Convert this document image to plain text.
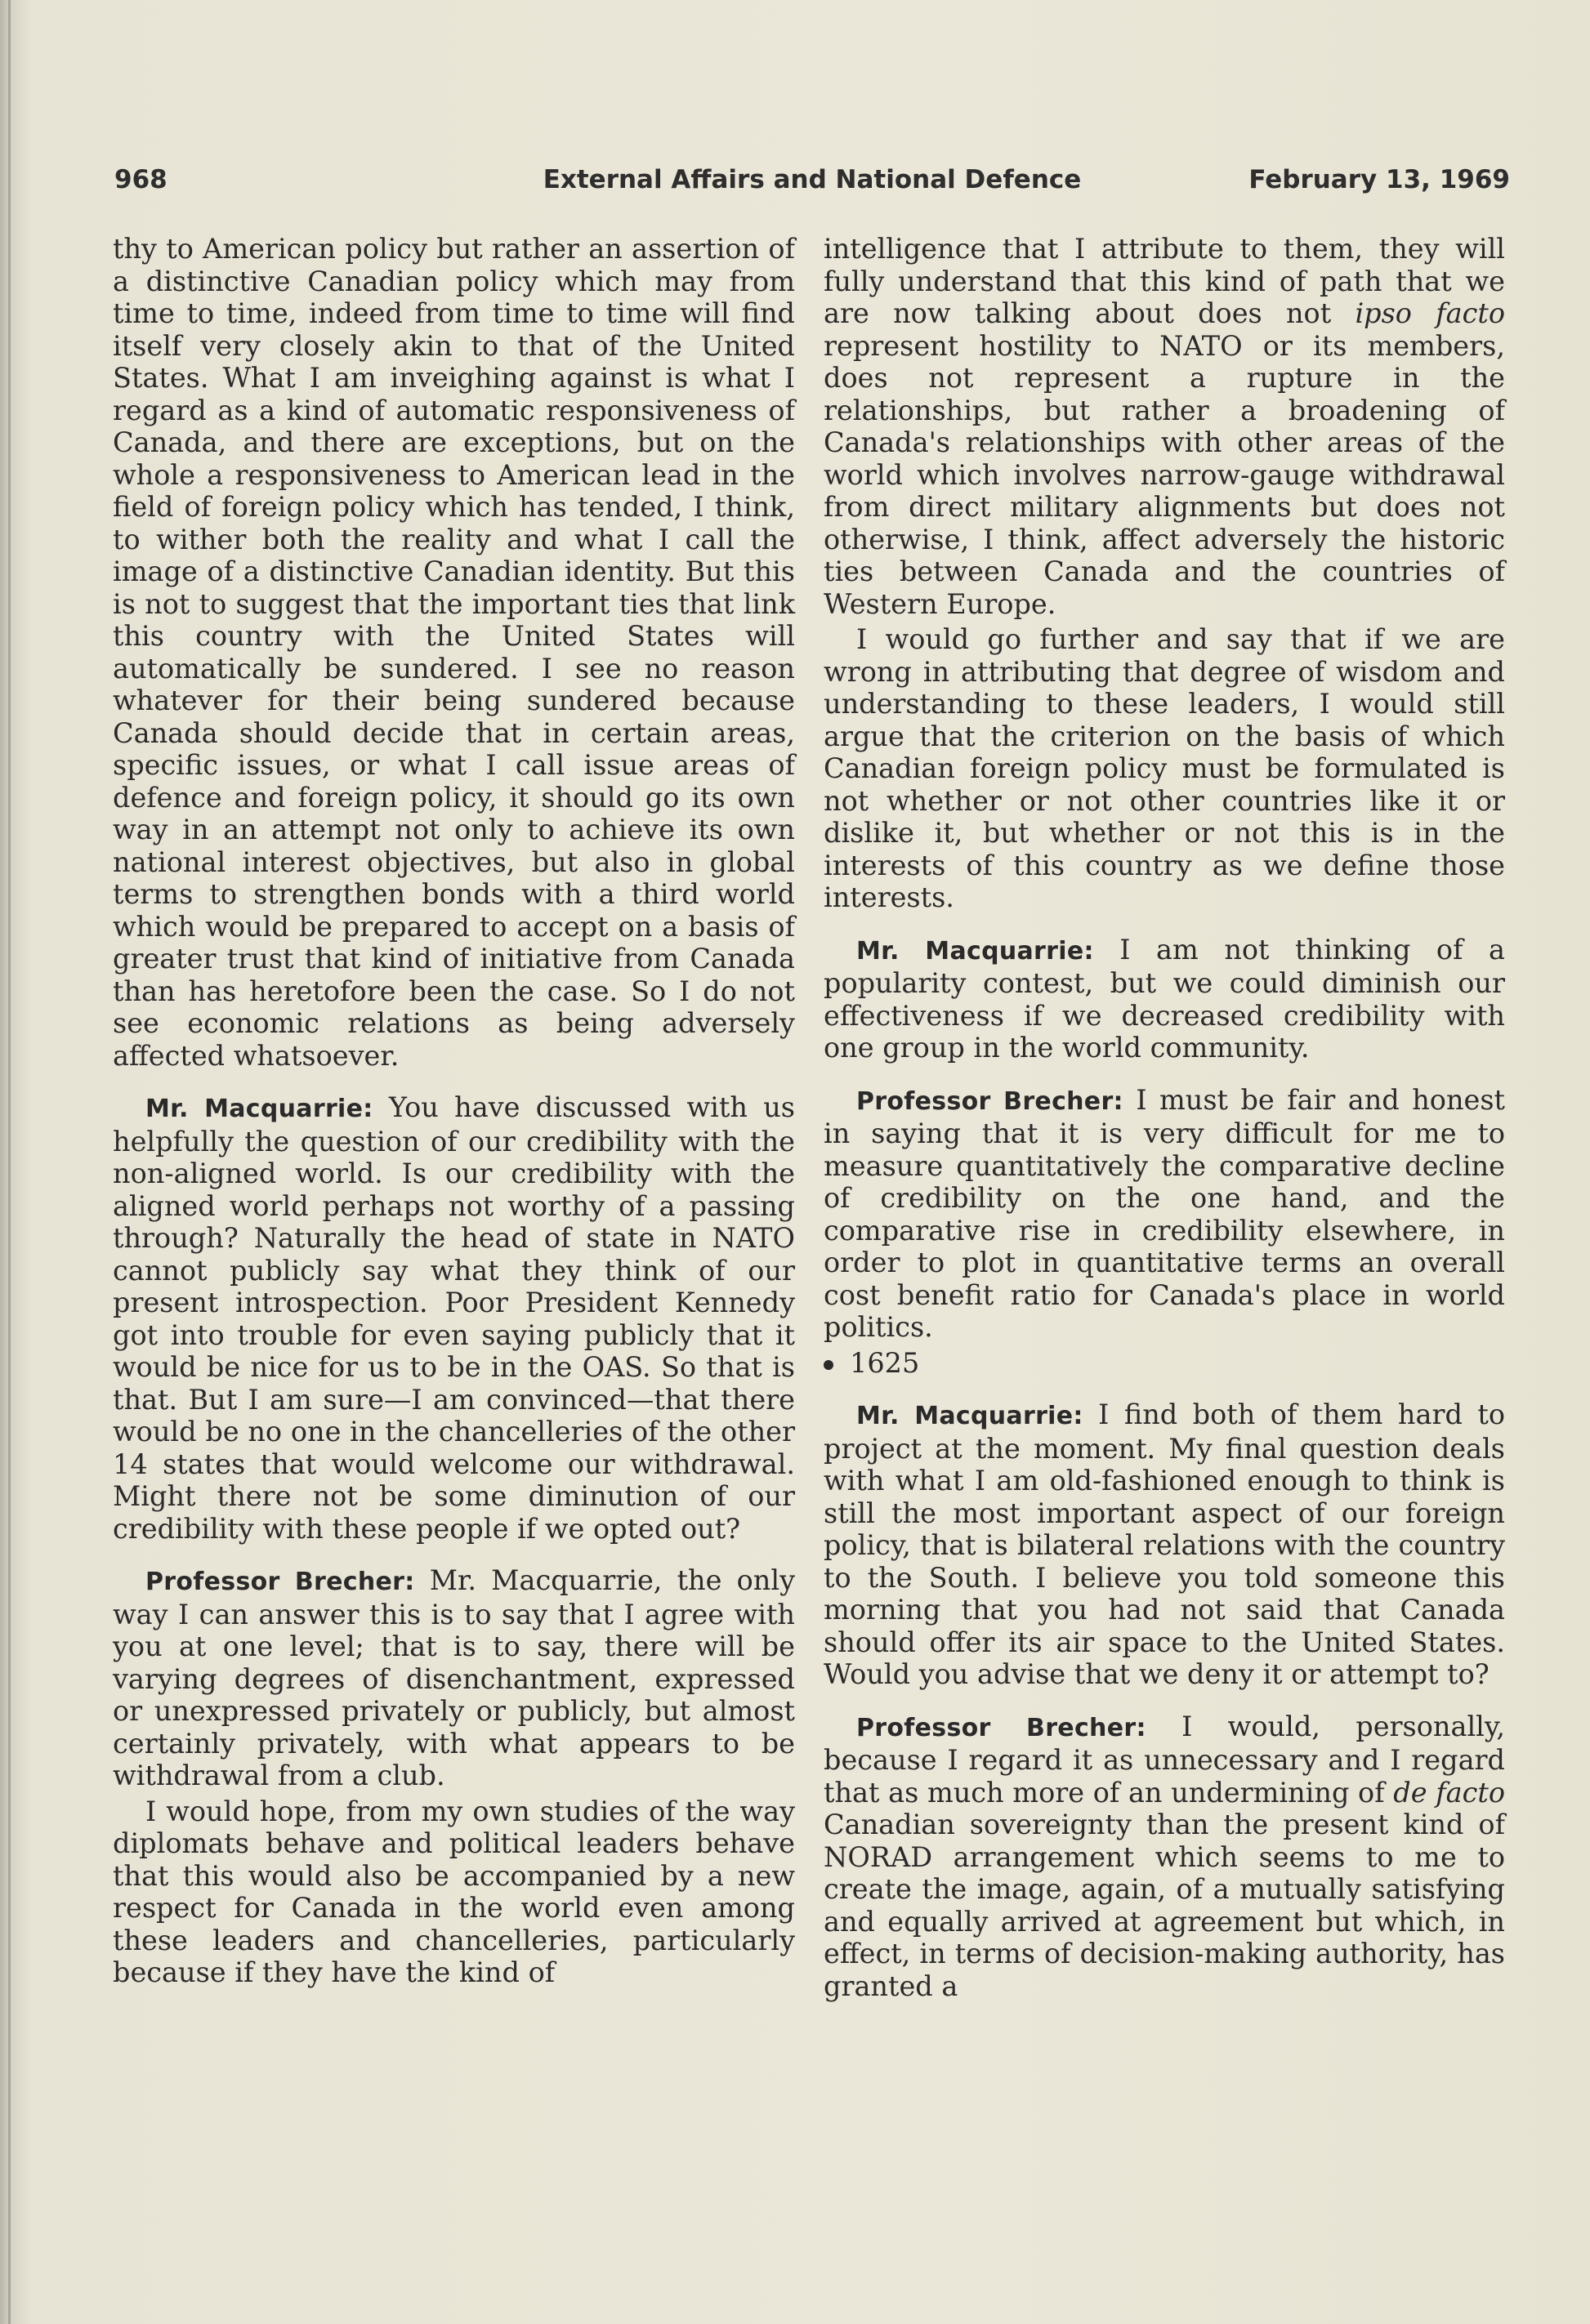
968	External Affairs and National Defence	February 13, 1969

thy to American policy but rather an assertion of a distinctive Canadian policy which may from time to time, indeed from time to time will find itself very closely akin to that of the United States. What I am inveighing against is what I regard as a kind of automatic responsiveness of Canada, and there are exceptions, but on the whole a responsiveness to American lead in the field of foreign policy which has tended, I think, to wither both the reality and what I call the image of a distinctive Canadian identity. But this is not to suggest that the important ties that link this country with the United States will automatically be sundered. I see no reason whatever for their being sundered because Canada should decide that in certain areas, specific issues, or what I call issue areas of defence and foreign policy, it should go its own way in an attempt not only to achieve its own national interest objectives, but also in global terms to strengthen bonds with a third world which would be prepared to accept on a basis of greater trust that kind of initiative from Canada than has heretofore been the case. So I do not see economic relations as being adversely affected whatsoever.

Mr. Macquarrie: You have discussed with us helpfully the question of our credibility with the non-aligned world. Is our credibility with the aligned world perhaps not worthy of a passing through? Naturally the head of state in NATO cannot publicly say what they think of our present introspection. Poor President Kennedy got into trouble for even saying publicly that it would be nice for us to be in the OAS. So that is that. But I am sure—I am convinced—that there would be no one in the chancelleries of the other 14 states that would welcome our withdrawal. Might there not be some diminution of our credibility with these people if we opted out?

Professor Brecher: Mr. Macquarrie, the only way I can answer this is to say that I agree with you at one level; that is to say, there will be varying degrees of disenchantment, expressed or unexpressed privately or publicly, but almost certainly privately, with what appears to be withdrawal from a club.

I would hope, from my own studies of the way diplomats behave and political leaders behave that this would also be accompanied by a new respect for Canada in the world even among these leaders and chancelleries, particularly because if they have the kind of

intelligence that I attribute to them, they will fully understand that this kind of path that we are now talking about does not ipso facto represent hostility to NATO or its members, does not represent a rupture in the relationships, but rather a broadening of Canada's relationships with other areas of the world which involves narrow-gauge withdrawal from direct military alignments but does not otherwise, I think, affect adversely the historic ties between Canada and the countries of Western Europe.

I would go further and say that if we are wrong in attributing that degree of wisdom and understanding to these leaders, I would still argue that the criterion on the basis of which Canadian foreign policy must be formulated is not whether or not other countries like it or dislike it, but whether or not this is in the interests of this country as we define those interests.

Mr. Macquarrie: I am not thinking of a popularity contest, but we could diminish our effectiveness if we decreased credibility with one group in the world community.

Professor Brecher: I must be fair and honest in saying that it is very difficult for me to measure quantitatively the comparative decline of credibility on the one hand, and the comparative rise in credibility elsewhere, in order to plot in quantitative terms an overall cost benefit ratio for Canada's place in world politics.

1625

Mr. Macquarrie: I find both of them hard to project at the moment. My final question deals with what I am old-fashioned enough to think is still the most important aspect of our foreign policy, that is bilateral relations with the country to the South. I believe you told someone this morning that you had not said that Canada should offer its air space to the United States. Would you advise that we deny it or attempt to?

Professor Brecher: I would, personally, because I regard it as unnecessary and I regard that as much more of an undermining of de facto Canadian sovereignty than the present kind of NORAD arrangement which seems to me to create the image, again, of a mutually satisfying and equally arrived at agreement but which, in effect, in terms of decision-making authority, has granted a
